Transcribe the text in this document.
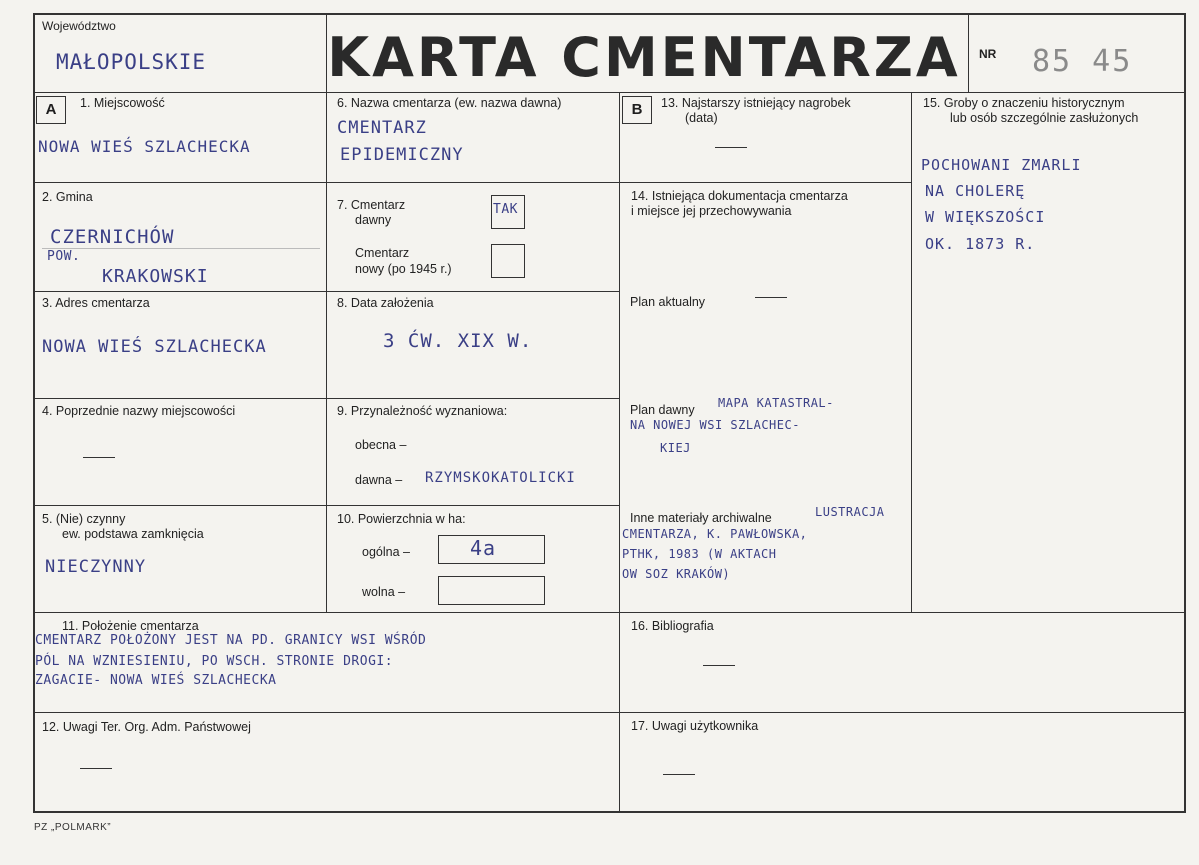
Województwo
MAŁOPOLSKIE KARTA CMENTARZA NR 85 45
A	B
1. Miejscowość
NOWA WIEŚ SZLACHECKA
2. Gmina
CZERNICHÓW
POW.
KRAKOWSKI
3. Adres cmentarza
NOWA WIEŚ SZLACHECKA
4. Poprzednie nazwy miejscowości
5. (Nie) czynny
ew. podstawa zamknięcia
NIECZYNNY
6. Nazwa cmentarza (ew. nazwa dawna)
CMENTARZ
EPIDEMICZNY
7. Cmentarz
dawny
TAK
Cmentarz
nowy (po 1945 r.)
8. Data założenia
3 ĆW. XIX W.
9. Przynależność wyznaniowa:
obecna –
dawna – RZYMSKOKATOLICKI
10. Powierzchnia w ha:
ogólna –	4a
wolna –
11. Położenie cmentarza
CMENTARZ POŁOŻONY JEST NA PD. GRANICY WSI WŚRÓD
PÓL NA WZNIESIENIU, PO WSCH. STRONIE DROGI:
ZAGACIE- NOWA WIEŚ SZLACHECKA
12. Uwagi Ter. Org. Adm. Państwowej
13. Najstarszy istniejący nagrobek
(data)
14. Istniejąca dokumentacja cmentarza
i miejsce jej przechowywania
Plan aktualny
Plan dawny MAPA KATASTRAL-
NA NOWEJ WSI SZLACHEC-
KIEJ
Inne materiały archiwalne	LUSTRACJA
CMENTARZA, K. PAWŁOWSKA,
PTHK, 1983 (W AKTACH
OW SOZ KRAKÓW)
15. Groby o znaczeniu historycznym
lub osób szczególnie zasłużonych
POCHOWANI ZMARLI
NA CHOLERĘ
W WIĘKSZOŚCI
OK. 1873 R.
16. Bibliografia
17. Uwagi użytkownika
PZ „POLMARK”
